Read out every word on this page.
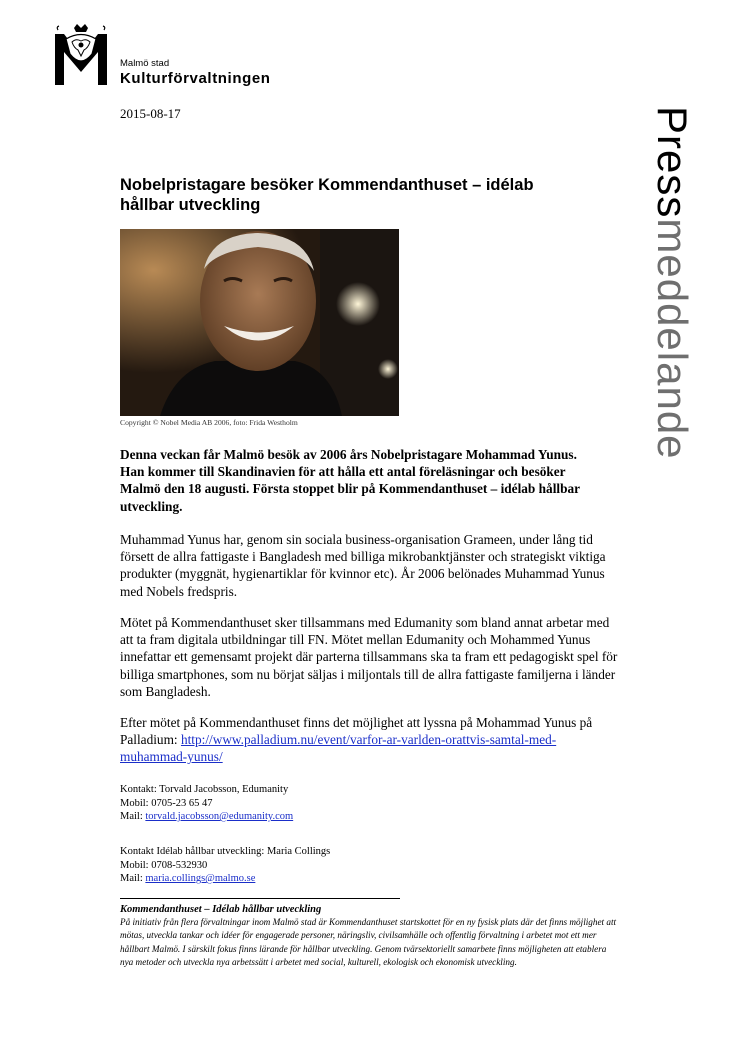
Malmö stad
Kulturförvaltningen
2015-08-17	Pressmeddelande
Nobelpristagare besöker Kommendanthuset – idélab hållbar utveckling
Copyright © Nobel Media AB 2006, foto: Frida Westholm
Denna veckan får Malmö besök av 2006 års Nobelpristagare Mohammad Yunus. Han kommer till Skandinavien för att hålla ett antal föreläsningar och besöker Malmö den 18 augusti. Första stoppet blir på Kommendanthuset – idélab hållbar utveckling.
Muhammad Yunus har, genom sin sociala business-organisation Grameen, under lång tid försett de allra fattigaste i Bangladesh med billiga mikrobanktjänster och strategiskt viktiga produkter (myggnät, hygienartiklar för kvinnor etc). År 2006 belönades Muhammad Yunus med Nobels fredspris.
Mötet på Kommendanthuset sker tillsammans med Edumanity som bland annat arbetar med att ta fram digitala utbildningar till FN. Mötet mellan Edumanity och Mohammed Yunus innefattar ett gemensamt projekt där parterna tillsammans ska ta fram ett pedagogiskt spel för billiga smartphones, som nu börjat säljas i miljontals till de allra fattigaste familjerna i länder som Bangladesh.
Efter mötet på Kommendanthuset finns det möjlighet att lyssna på Mohammad Yunus på Palladium: http://www.palladium.nu/event/varfor-ar-varlden-orattvis-samtal-med-muhammad-yunus/
Kontakt: Torvald Jacobsson, Edumanity
Mobil: 0705-23 65 47
Mail: torvald.jacobsson@edumanity.com
Kontakt Idélab hållbar utveckling: Maria Collings
Mobil: 0708-532930
Mail: maria.collings@malmo.se
Kommendanthuset – Idélab hållbar utveckling
På initiativ från flera förvaltningar inom Malmö stad är Kommendanthuset startskottet för en ny fysisk plats där det finns möjlighet att mötas, utveckla tankar och idéer för engagerade personer, näringsliv, civilsamhälle och offentlig förvaltning i arbetet mot ett mer hållbart Malmö. I särskilt fokus finns lärande för hållbar utveckling. Genom tvärsektoriellt samarbete finns möjligheten att etablera nya metoder och utveckla nya arbetssätt i arbetet med social, kulturell, ekologisk och ekonomisk utveckling.
